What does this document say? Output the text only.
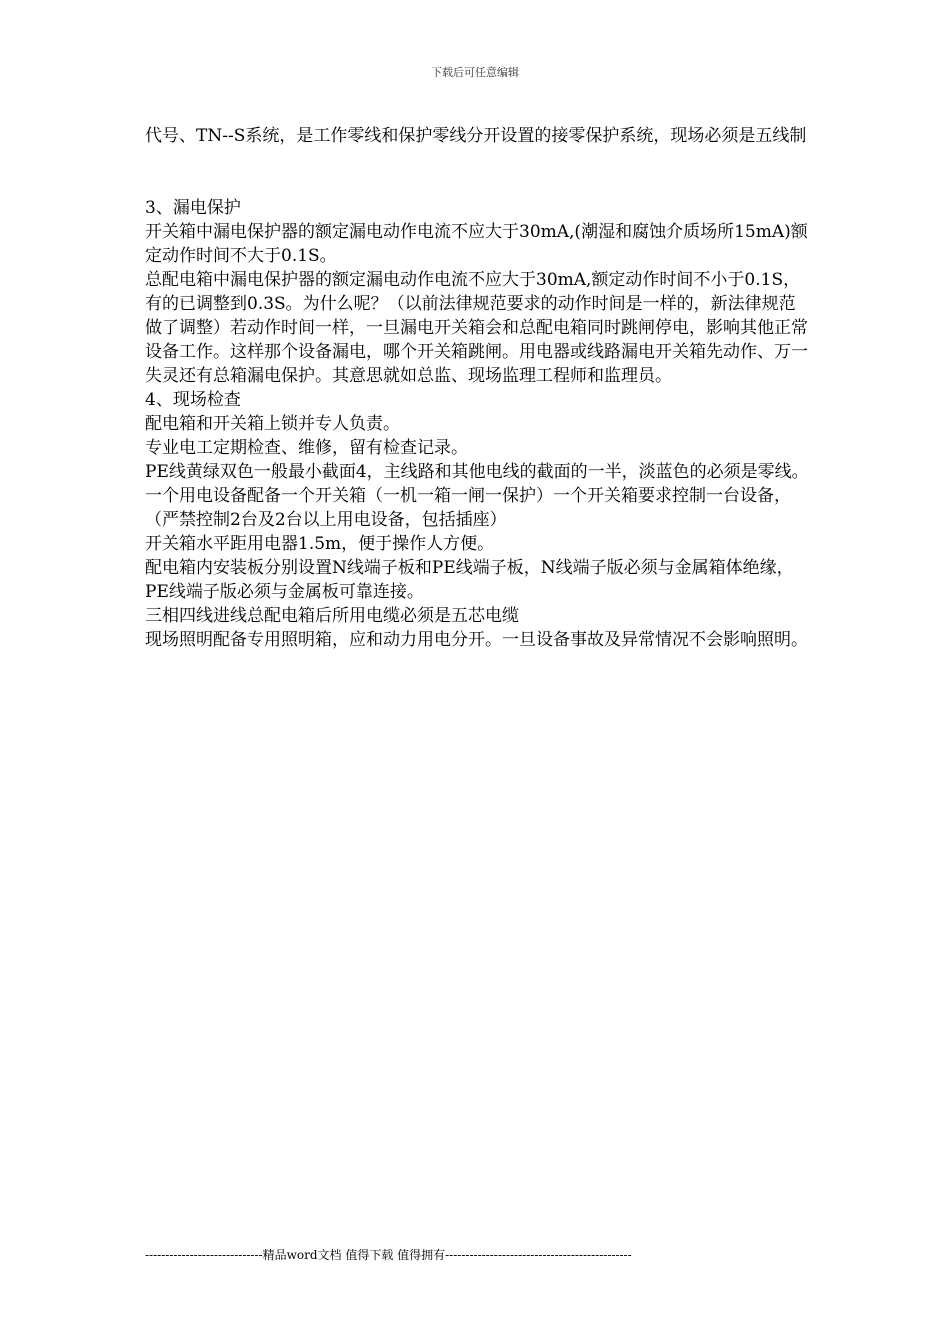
下载后可任意编辑

代号、TN--S系统，是工作零线和保护零线分开设置的接零保护系统，现场必须是五线制

3、漏电保护

开关箱中漏电保护器的额定漏电动作电流不应大于30mA,(潮湿和腐蚀介质场所15mA)额定动作时间不大于0.1S。

总配电箱中漏电保护器的额定漏电动作电流不应大于30mA,额定动作时间不小于0.1S，有的已调整到0.3S。为什么呢？（以前法律规范要求的动作时间是一样的，新法律规范做了调整）若动作时间一样，一旦漏电开关箱会和总配电箱同时跳闸停电，影响其他正常设备工作。这样那个设备漏电，哪个开关箱跳闸。用电器或线路漏电开关箱先动作、万一失灵还有总箱漏电保护。其意思就如总监、现场监理工程师和监理员。

4、现场检查

配电箱和开关箱上锁并专人负责。

专业电工定期检查、维修，留有检查记录。

PE线黄绿双色一般最小截面4，主线路和其他电线的截面的一半，淡蓝色的必须是零线。

一个用电设备配备一个开关箱（一机一箱一闸一保护）一个开关箱要求控制一台设备，（严禁控制2台及2台以上用电设备，包括插座）

开关箱水平距用电器1.5m，便于操作人方便。

配电箱内安装板分别设置N线端子板和PE线端子板，N线端子版必须与金属箱体绝缘，PE线端子版必须与金属板可靠连接。

三相四线进线总配电箱后所用电缆必须是五芯电缆

现场照明配备专用照明箱，应和动力用电分开。一旦设备事故及异常情况不会影响照明。

-----------------------------精品word文档 值得下载 值得拥有----------------------------------------------
